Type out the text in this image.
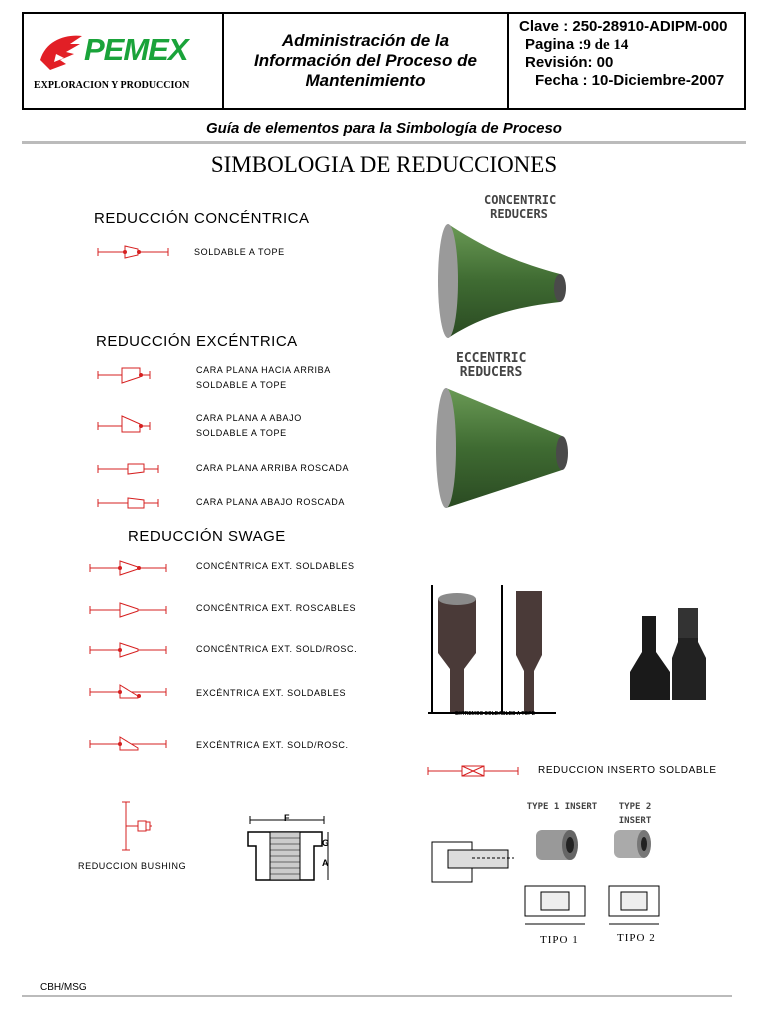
PEMEX
EXPLORACION Y PRODUCCION
Administración de la
Información del Proceso de
Mantenimiento
Clave : 250-28910-ADIPM-000
Pagina :9 de 14
Revisión: 00
Fecha : 10-Diciembre-2007
Guía de elementos para la Simbología de Proceso
SIMBOLOGIA DE REDUCCIONES
REDUCCIÓN CONCÉNTRICA
SOLDABLE A TOPE
CONCENTRIC
REDUCERS
REDUCCIÓN EXCÉNTRICA
CARA PLANA HACIA ARRIBA
SOLDABLE A TOPE
CARA PLANA A ABAJO
SOLDABLE A TOPE
CARA PLANA ARRIBA ROSCADA
CARA PLANA ABAJO ROSCADA
ECCENTRIC
REDUCERS
REDUCCIÓN SWAGE
CONCÉNTRICA EXT. SOLDABLES
CONCÉNTRICA EXT. ROSCABLES
CONCÉNTRICA EXT. SOLD/ROSC.
EXCÉNTRICA EXT. SOLDABLES
EXCÉNTRICA EXT. SOLD/ROSC.
EXTREMOS SOLDABLES A TOPE
REDUCCION INSERTO SOLDABLE
TYPE 1 INSERT	TYPE 2 INSERT
TIPO 1	TIPO 2
REDUCCION BUSHING
F
G
A
CBH/MSG
